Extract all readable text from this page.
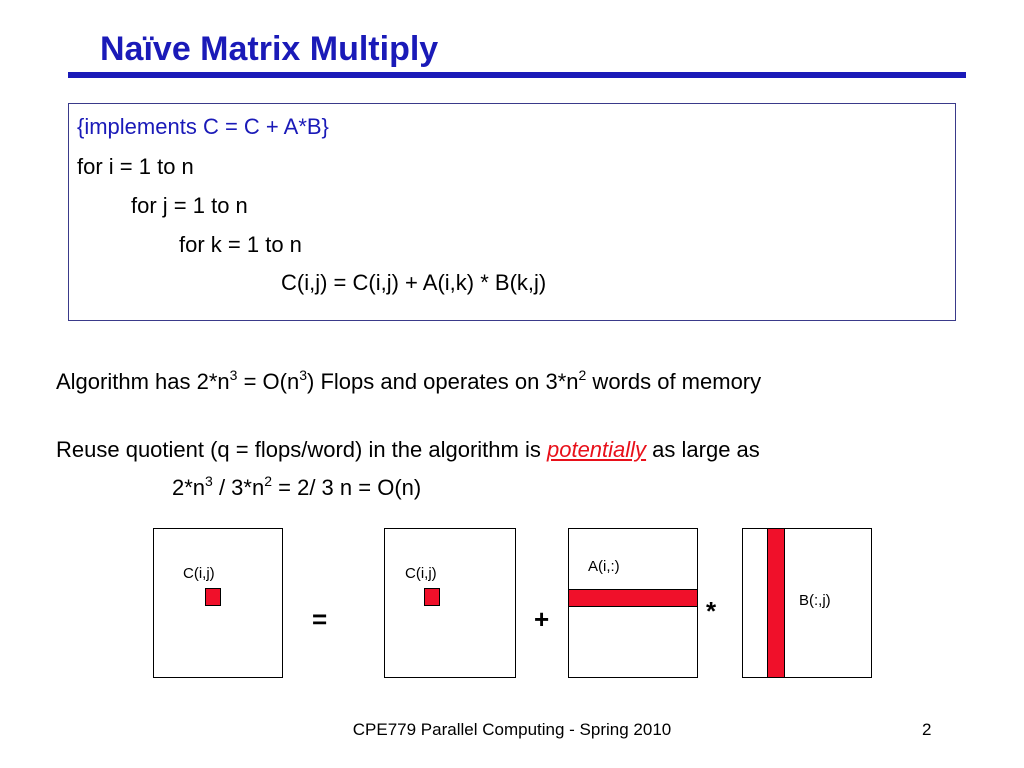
Naïve Matrix Multiply
{implements C = C + A*B}
for i = 1 to n
for j = 1 to n
for k = 1 to n
C(i,j) = C(i,j) + A(i,k) * B(k,j)
Algorithm has $2*n^3 = O(n^3)$ Flops and operates on $3*n^2$ words of memory
Reuse quotient (q = flops/word) in the algorithm is potentially as large as
$2*n^3 / 3*n^2 = 2/$ 3 n = O(n)
C(i,j)
=
C(i,j)
+
A(i,:)
*	B(:,j)
CPE779 Parallel Computing - Spring 2010	2
